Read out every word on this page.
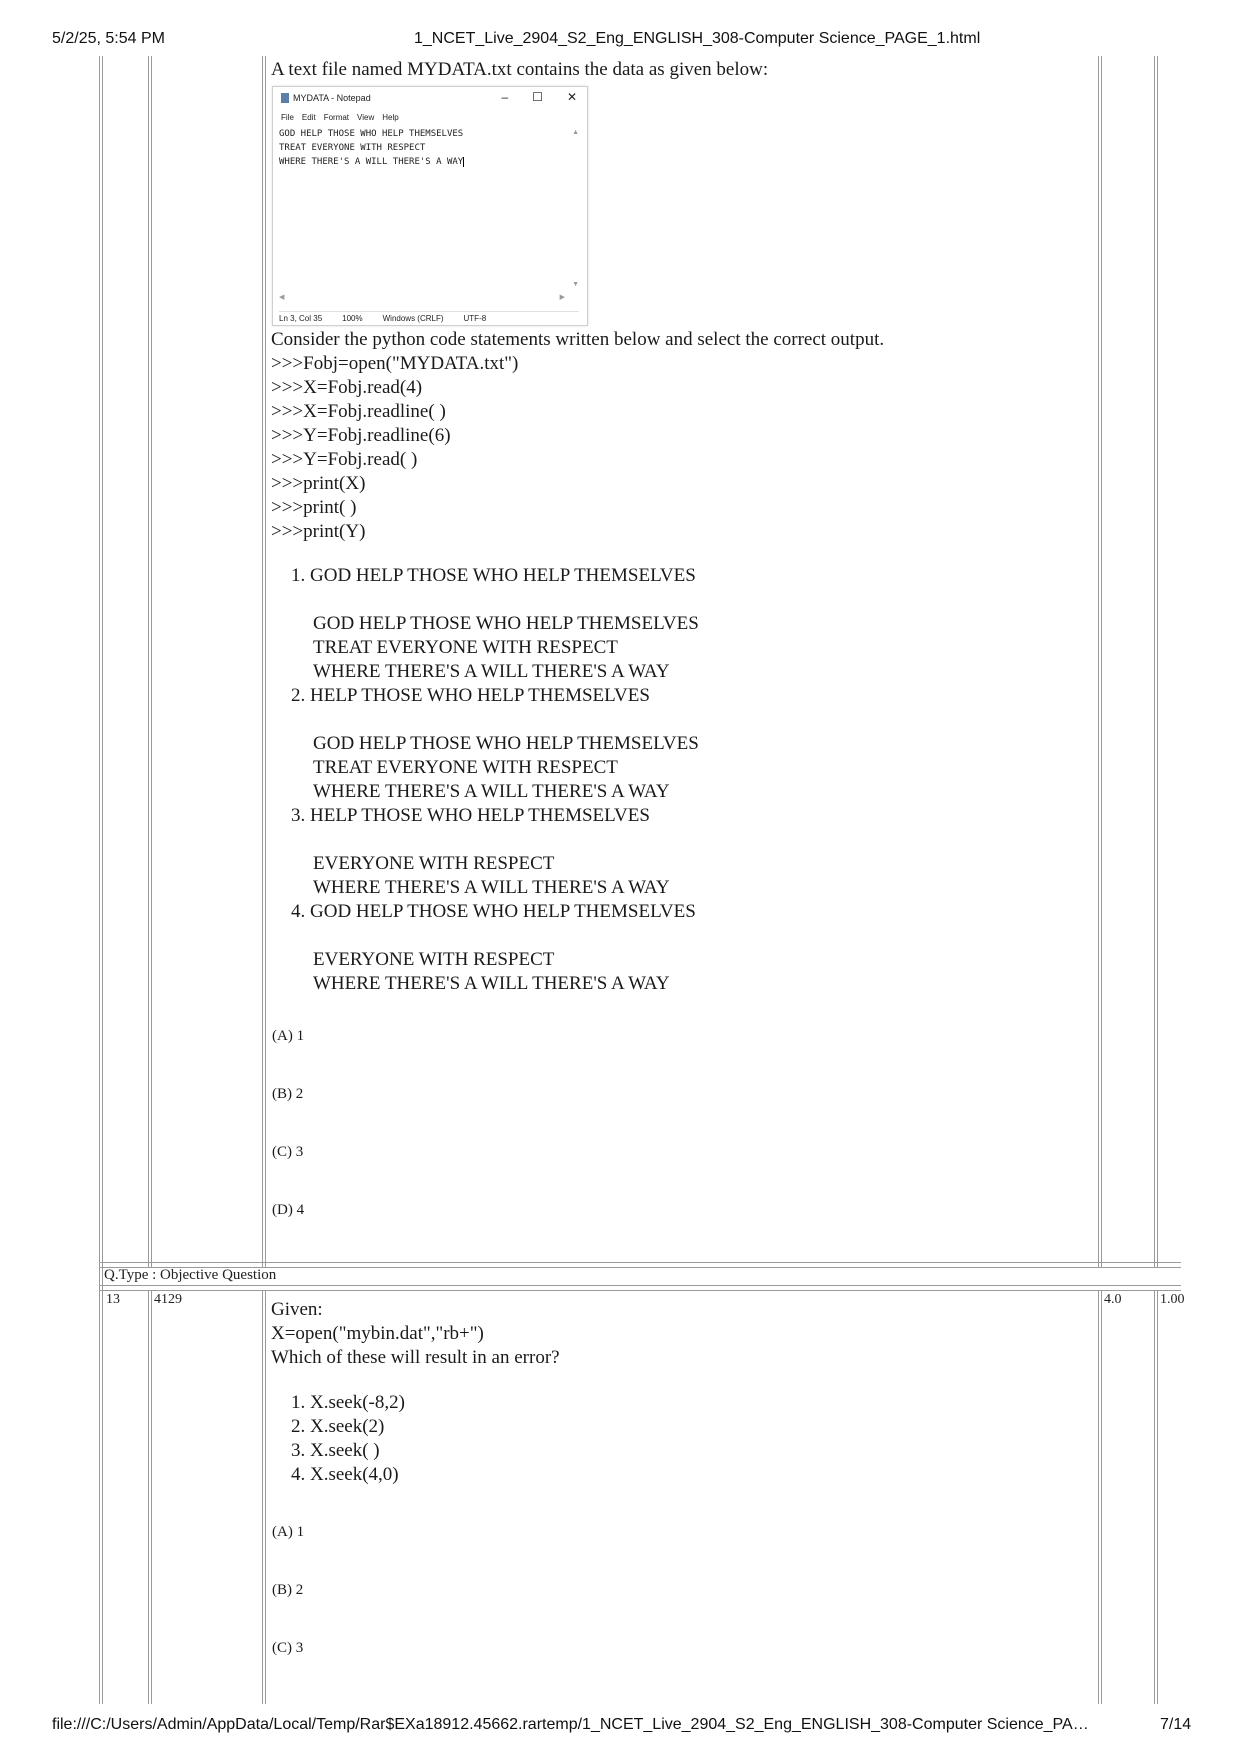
5/2/25, 5:54 PM	1_NCET_Live_2904_S2_Eng_ENGLISH_308-Computer Science_PAGE_1.html
A text file named MYDATA.txt contains the data as given below:
MYDATA - Notepad	– ☐ ✕
File Edit Format View Help
GOD HELP THOSE WHO HELP THEMSELVES
TREAT EVERYONE WITH RESPECT
WHERE THERE'S A WILL THERE'S A WAY
▲
▼
◀	▶
Ln 3, Col 35	100%	Windows (CRLF)	UTF-8
Consider the python code statements written below and select the correct output.
>>>Fobj=open("MYDATA.txt")
>>>X=Fobj.read(4)
>>>X=Fobj.readline( )
>>>Y=Fobj.readline(6)
>>>Y=Fobj.read( )
>>>print(X)
>>>print( )
>>>print(Y)
1. GOD HELP THOSE WHO HELP THEMSELVES
GOD HELP THOSE WHO HELP THEMSELVES
TREAT EVERYONE WITH RESPECT
WHERE THERE'S A WILL THERE'S A WAY
2. HELP THOSE WHO HELP THEMSELVES
GOD HELP THOSE WHO HELP THEMSELVES
TREAT EVERYONE WITH RESPECT
WHERE THERE'S A WILL THERE'S A WAY
3. HELP THOSE WHO HELP THEMSELVES
EVERYONE WITH RESPECT
WHERE THERE'S A WILL THERE'S A WAY
4. GOD HELP THOSE WHO HELP THEMSELVES
EVERYONE WITH RESPECT
WHERE THERE'S A WILL THERE'S A WAY
(A) 1
(B) 2
(C) 3
(D) 4
Q.Type : Objective Question
13 4129	4.0	1.00
Given:
X=open("mybin.dat","rb+")
Which of these will result in an error?
1. X.seek(-8,2)
2. X.seek(2)
3. X.seek( )
4. X.seek(4,0)
(A) 1
(B) 2
(C) 3
file:///C:/Users/Admin/AppData/Local/Temp/Rar$EXa18912.45662.rartemp/1_NCET_Live_2904_S2_Eng_ENGLISH_308-Computer Science_PA…	7/14
